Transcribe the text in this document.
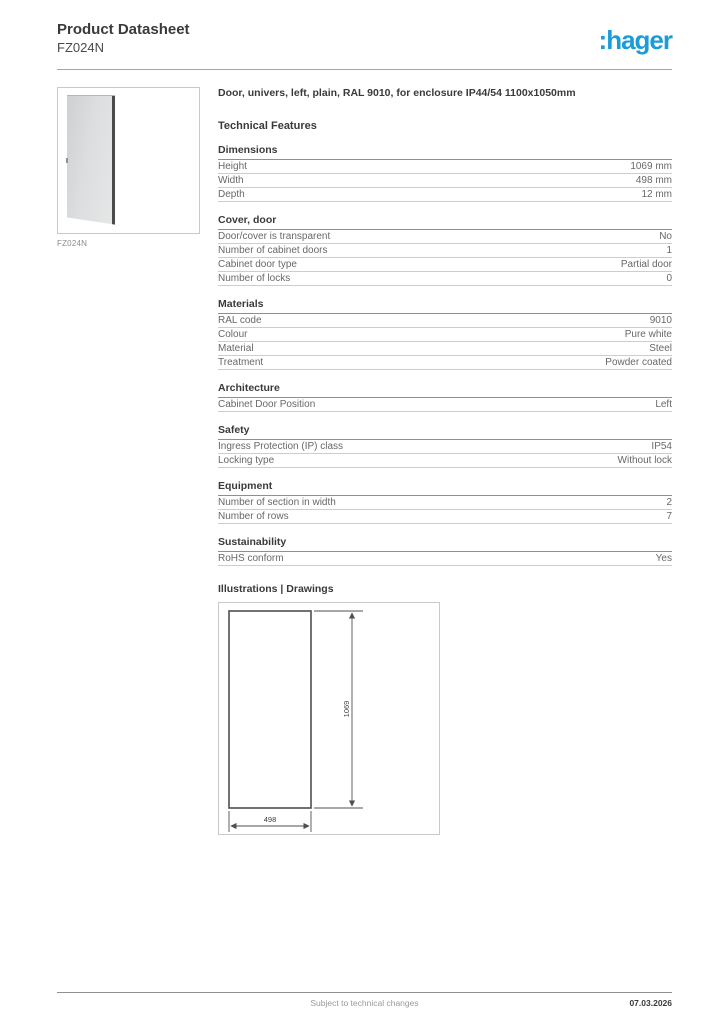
Product Datasheet
FZ024N	:hager
FZ024N
Door, univers, left, plain, RAL 9010, for enclosure IP44/54 1100x1050mm
Technical Features
Dimensions
Height	1069 mm
Width	498 mm
Depth	12 mm
Cover, door
Door/cover is transparent	No
Number of cabinet doors	1
Cabinet door type	Partial door
Number of locks	0
Materials
RAL code	9010
Colour	Pure white
Material	Steel
Treatment	Powder coated
Architecture
Cabinet Door Position	Left
Safety
Ingress Protection (IP) class	IP54
Locking type	Without lock
Equipment
Number of section in width	2
Number of rows	7
Sustainability
RoHS conform	Yes
Illustrations | Drawings
1069
498
Subject to technical changes	07.03.2026
